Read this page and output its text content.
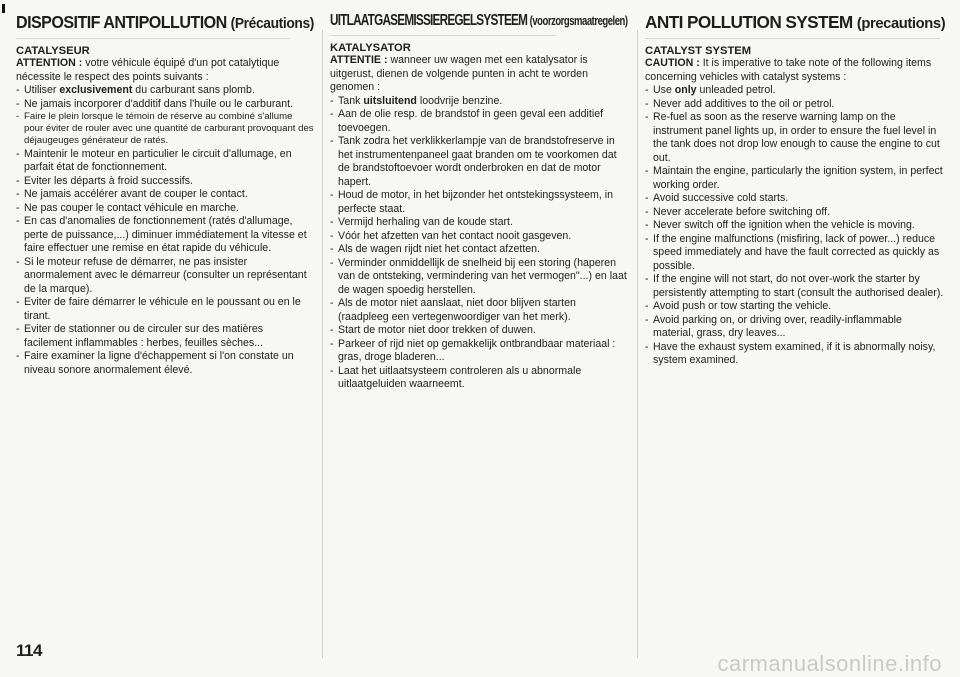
DISPOSITIF ANTIPOLLUTION (Précautions)
CATALYSEUR

ATTENTION : votre véhicule équipé d'un pot catalytique nécessite le respect des points suivants :

- Utiliser exclusivement du carburant sans plomb.
- Ne jamais incorporer d'additif dans l'huile ou le carburant.
- Faire le plein lorsque le témoin de réserve au combiné s'allume pour éviter de rouler avec une quantité de carburant provoquant des déjaugeuges générateur de ratés.
- Maintenir le moteur en particulier le circuit d'allumage, en parfait état de fonctionnement.
- Eviter les départs à froid successifs.
- Ne jamais accélérer avant de couper le contact.
- Ne pas couper le contact véhicule en marche.
- En cas d'anomalies de fonctionnement (ratés d'allumage, perte de puissance,...) diminuer immédiatement la vitesse et faire effectuer une remise en état rapide du véhicule.
- Si le moteur refuse de démarrer, ne pas insister anormalement avec le démarreur (consulter un représentant de la marque).
- Eviter de faire démarrer le véhicule en le poussant ou en le tirant.
- Eviter de stationner ou de circuler sur des matières facilement inflammables : herbes, feuilles sèches...
- Faire examiner la ligne d'échappement si l'on constate un niveau sonore anormalement élevé.
UITLAATGASEMISSIEREGELSYSTEEM (voorzorgsmaatregelen)
KATALYSATOR

ATTENTIE : wanneer uw wagen met een katalysator is uitgerust, dienen de volgende punten in acht te worden genomen :

- Tank uitsluitend loodvrije benzine.
- Aan de olie resp. de brandstof in geen geval een additief toevoegen.
- Tank zodra het verklikkerlampje van de brandstofreserve in het instrumentenpaneel gaat branden om te voorkomen dat de brandstoftoevoer wordt onderbroken en dat de motor hapert.
- Houd de motor, in het bijzonder het ontstekingssysteem, in perfecte staat.
- Vermijd herhaling van de koude start.
- Vóór het afzetten van het contact nooit gasgeven.
- Als de wagen rijdt niet het contact afzetten.
- Verminder onmiddellijk de snelheid bij een storing (haperen van de ontsteking, vermindering van het vermogen"...) en laat de wagen spoedig herstellen.
- Als de motor niet aanslaat, niet door blijven starten (raadpleeg een vertegenwoordiger van het merk).
- Start de motor niet door trekken of duwen.
- Parkeer of rijd niet op gemakkelijk ontbrandbaar materiaal : gras, droge bladeren...
- Laat het uitlaatsysteem controleren als u abnormale uitlaatgeluiden waarneemt.
ANTI POLLUTION SYSTEM (precautions)
CATALYST SYSTEM

CAUTION : It is imperative to take note of the following items concerning vehicles with catalyst systems :

- Use only unleaded petrol.
- Never add additives to the oil or petrol.
- Re-fuel as soon as the reserve warning lamp on the instrument panel lights up, in order to ensure the fuel level in the tank does not drop low enough to cause the engine to cut out.
- Maintain the engine, particularly the ignition system, in perfect working order.
- Avoid successive cold starts.
- Never accelerate before switching off.
- Never switch off the ignition when the vehicle is moving.
- If the engine malfunctions (misfiring, lack of power...) reduce speed immediately and have the fault corrected as quickly as possible.
- If the engine will not start, do not over-work the starter by persistently attempting to start (consult the authorised dealer).
- Avoid push or tow starting the vehicle.
- Avoid parking on, or driving over, readily-inflammable material, grass, dry leaves...
- Have the exhaust system examined, if it is abnormally noisy, system examined.
114
carmanualsonline.info
